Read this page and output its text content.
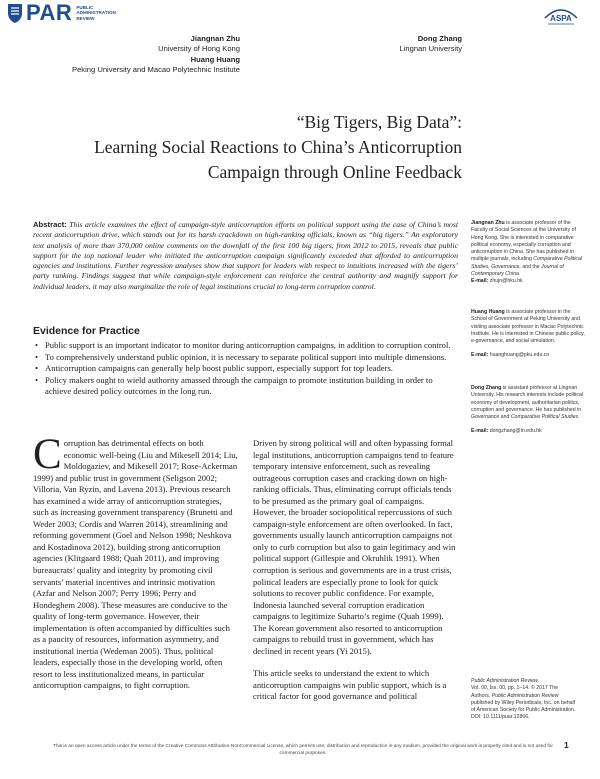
PAR PUBLIC
ADMINISTRATION
REVIEW	ASPA
Jiangnan Zhu
University of Hong Kong
Huang Huang
Peking University and Macao Polytechnic Institute
Dong Zhang
Lingnan University
“Big Tigers, Big Data”:
Learning Social Reactions to China’s Anticorruption
Campaign through Online Feedback
Abstract: This article examines the effect of campaign-style anticorruption efforts on political support using the case of China’s most recent anticorruption drive, which stands out for its harsh crackdown on high-ranking officials, known as “big tigers.” An exploratory text analysis of more than 370,000 online comments on the downfall of the first 100 big tigers, from 2012 to 2015, reveals that public support for the top national leader who initiated the anticorruption campaign significantly exceeded that afforded to anticorruption agencies and institutions. Further regression analyses show that support for leaders with respect to intuitions increased with the tigers’ party ranking. Findings suggest that while campaign-style enforcement can reinforce the central authority and magnify support for individual leaders, it may also marginalize the role of legal institutions crucial to long-term corruption control.
Evidence for Practice
• Public support is an important indicator to monitor during anticorruption campaigns, in addition to corruption control.
• To comprehensively understand public opinion, it is necessary to separate political support into multiple dimensions.
• Anticorruption campaigns can generally help boost public support, especially support for top leaders.
• Policy makers ought to wield authority amassed through the campaign to promote institution building in order to achieve desired policy outcomes in the long run.

Corruption has detrimental effects on both economic well-being (Liu and Mikesell 2014; Liu, Moldogaziev, and Mikesell 2017; Rose-Ackerman 1999) and public trust in government (Seligson 2002; Villoria, Van Ryzin, and Lavena 2013). Previous research has examined a wide array of anticorruption strategies, such as increasing government transparency (Brunetti and Weder 2003; Cordis and Warren 2014), streamlining and reforming government (Goel and Nelson 1998; Neshkova and Kostadinova 2012), building strong anticorruption agencies (Klitgaard 1988; Quah 2011), and improving bureaucrats’ quality and integrity by promoting civil servants’ material incentives and intrinsic motivation (Azfar and Nelson 2007; Perry 1996; Perry and Hondeghem 2008). These measures are conducive to the quality of long-term governance. However, their implementation is often accompanied by difficulties such as a paucity of resources, information asymmetry, and institutional inertia (Wedeman 2005). Thus, political leaders, especially those in the developing world, often resort to less institutionalized means, in particular anticorruption campaigns, to fight corruption.

Driven by strong political will and often bypassing formal legal institutions, anticorruption campaigns tend to feature temporary intensive enforcement, such as revealing outrageous corruption cases and cracking down on high-ranking officials. Thus, eliminating corrupt officials tends to be presumed as the primary goal of campaigns. However, the broader sociopolitical repercussions of such campaign-style enforcement are often overlooked. In fact, governments usually launch anticorruption campaigns not only to curb corruption but also to gain legitimacy and win political support (Gillespie and Okruhlik 1991). When corruption is serious and governments are in a trust crisis, political leaders are especially prone to look for quick solutions to recover public confidence. For example, Indonesia launched several corruption eradication campaigns to legitimize Suharto’s regime (Quah 1999). The Korean government also resorted to anticorruption campaigns to rebuild trust in government, which has declined in recent years (Yi 2015).

This article seeks to understand the extent to which anticorruption campaigns win public support, which is a critical factor for good governance and political

Jiangnan Zhu is associate professor of the Faculty of Social Sciences at the University of Hong Kong. She is interested in comparative political economy, especially corruption and anticorruption in China. She has published in multiple journals, including Comparative Political Studies, Governance, and the Journal of Contemporary China.
E-mail: zhujn@hku.hk
Huang Huang is associate professor in the School of Government at Peking University and visiting associate professor in Macao Polytechnic Institute. He is interested in Chinese public policy, e-governance, and social simulation.
E-mail: huanghuang@pku.edu.cn
Dong Zhang is assistant professor at Lingnan University. His research interests include political economy of development, authoritarian politics, corruption and governance. He has published in Governance and Comparative Political Studies.
E-mail: dongzhang@ln.edu.hk
Public Administration Review,
Vol. 00, Iss. 00, pp. 1–14. © 2017 The
Authors. Public Administration Review
published by Wiley Periodicals, Inc. on behalf
of American Society for Public Administration.
DOI: 10.1111/puar.12866.
This is an open access article under the terms of the Creative Commons Attribution-NonCommercial License, which permits use, distribution and reproduction in any medium, provided the original work is properly cited and is not used for commercial purposes.
1
